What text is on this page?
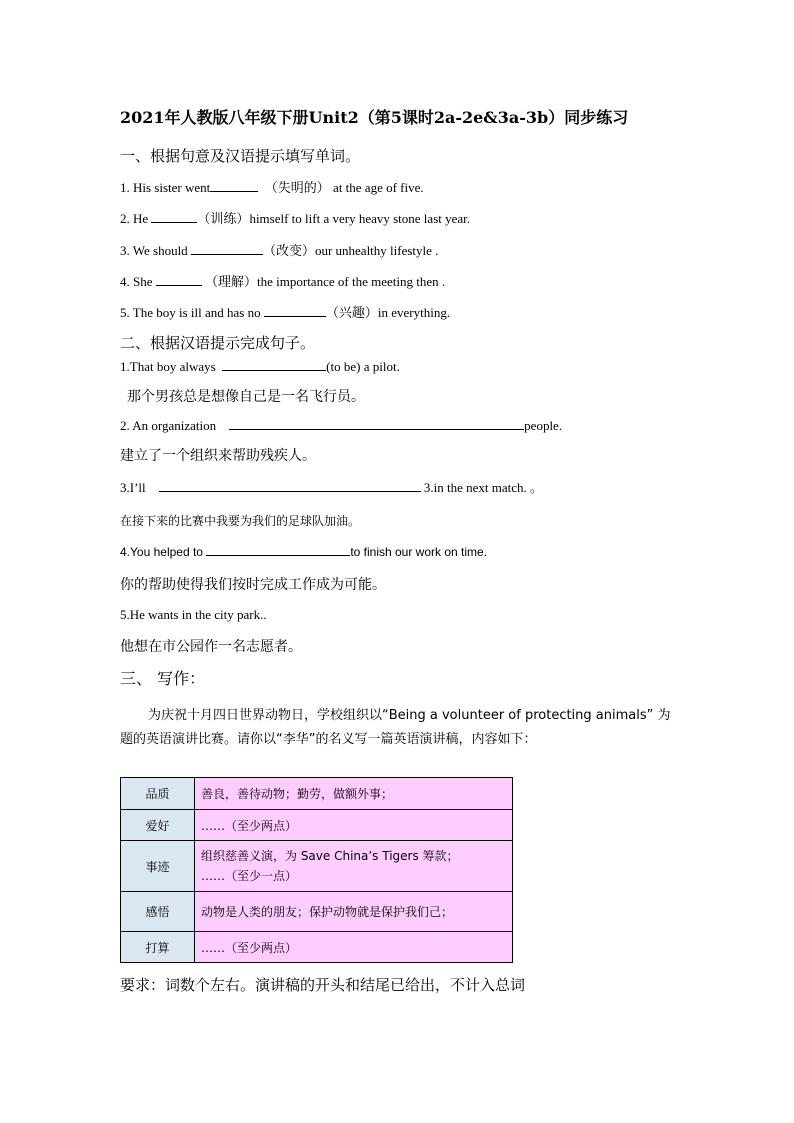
2021年人教版八年级下册Unit2（第5课时2a-2e&3a-3b）同步练习
一、根据句意及汉语提示填写单词。
1. His sister went	（失明的） at the age of five.
2. He	（训练）himself to lift a very heavy stone last year.
3. We should	（改变）our unhealthy lifestyle .
4. She	（理解）the importance of the meeting then .
5. The boy is ill and has no	（兴趣）in everything.
二、根据汉语提示完成句子。
1.That boy always	(to be) a pilot.
那个男孩总是想像自己是一名飞行员。
2. An organization	people.
建立了一个组织来帮助残疾人。
3.I’ll	3.in the next match. 。
在接下来的比赛中我要为我们的足球队加油。
4.You helped to	to finish our work on time.
你的帮助使得我们按时完成工作成为可能。
5.He wants in the city park..
他想在市公园作一名志愿者。
三、 写作：
为庆祝十月四日世界动物日，学校组织以“Being a volunteer of protecting animals” 为题的英语演讲比赛。请你以“李华”的名义写一篇英语演讲稿，内容如下：
品质	善良，善待动物；勤劳，做额外事；
爱好	……（至少两点）
事迹	组织慈善义演，为 Save China’s Tigers 筹款；
……（至少一点）

感悟	动物是人类的朋友；保护动物就是保护我们己；
打算	……（至少两点）
要求：词数个左右。演讲稿的开头和结尾已给出，不计入总词
